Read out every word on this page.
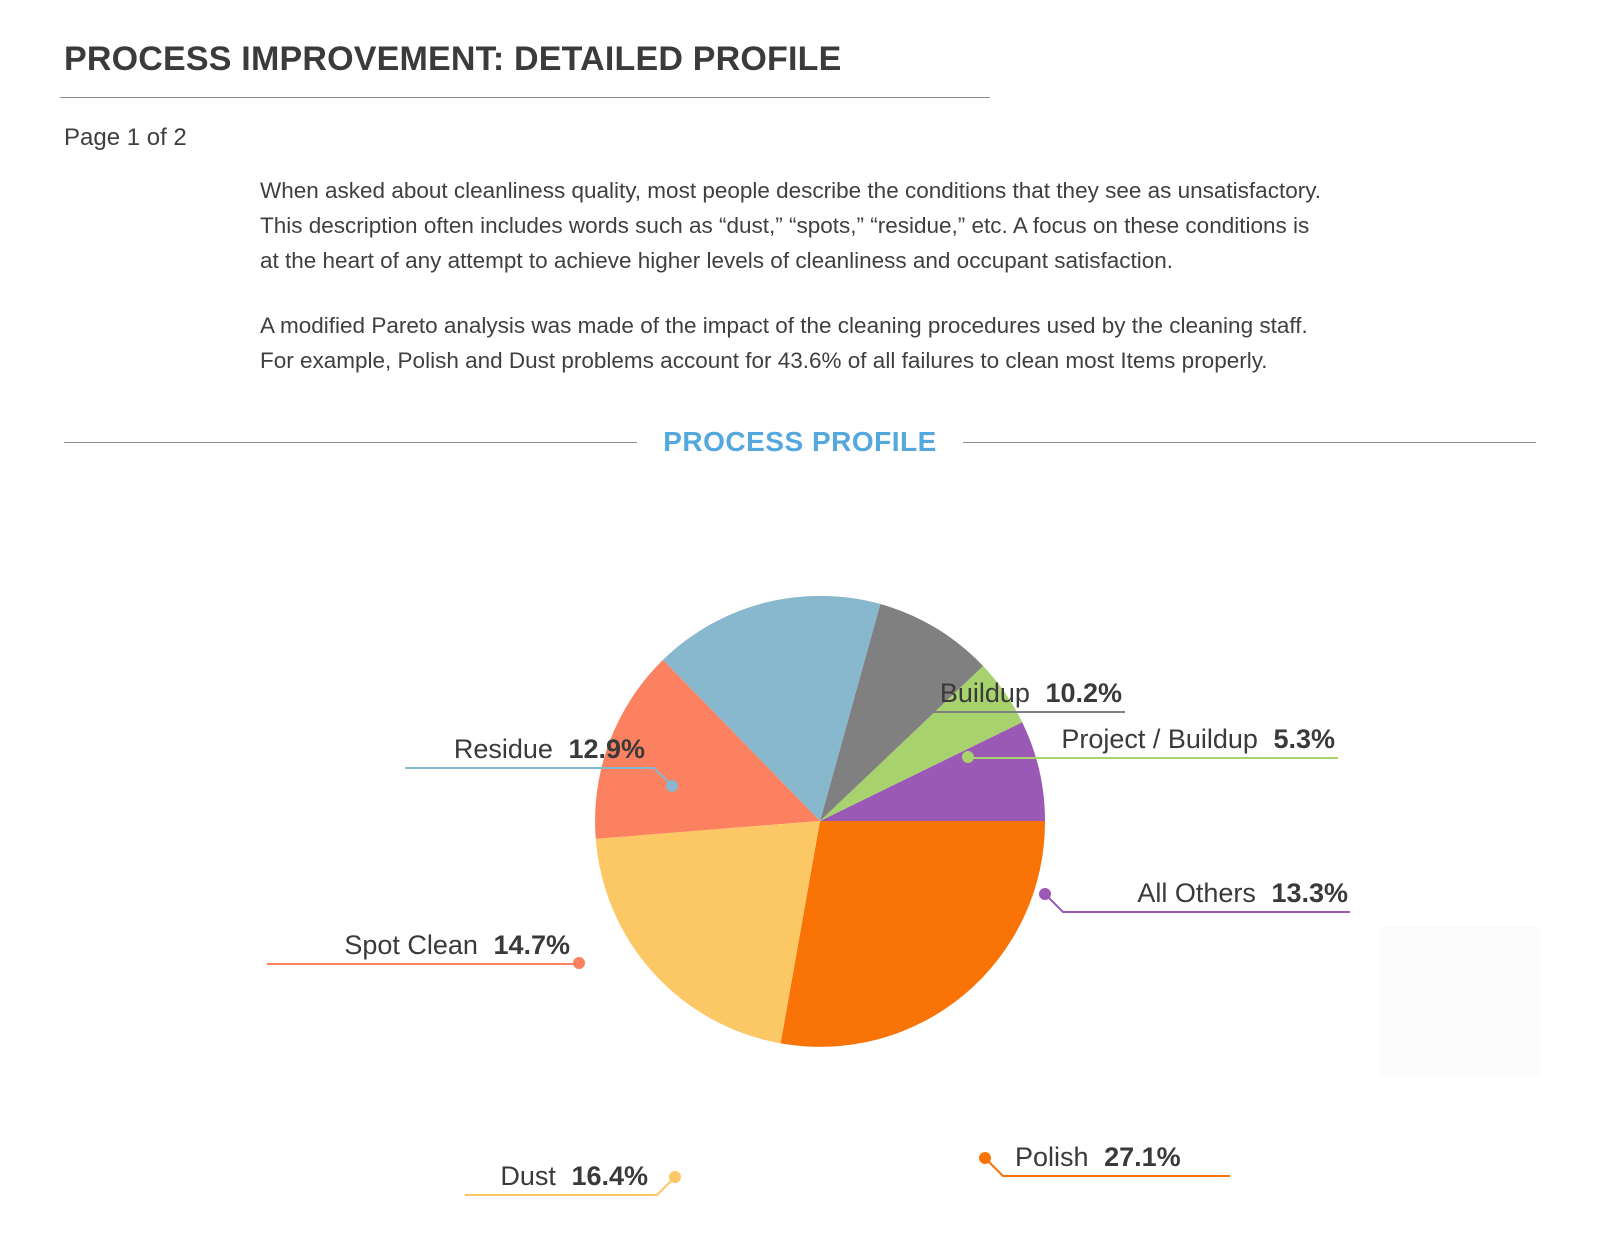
PROCESS IMPROVEMENT: DETAILED PROFILE
Page 1 of 2

When asked about cleanliness quality, most people describe the conditions that they see as unsatisfactory. This description often includes words such as “dust,” “spots,” “residue,” etc. A focus on these conditions is at the heart of any attempt to achieve higher levels of cleanliness and occupant satisfaction.

A modified Pareto analysis was made of the impact of the cleaning procedures used by the cleaning staff. For example, Polish and Dust problems account for 43.6% of all failures to clean most Items properly.

PROCESS PROFILE
Buildup 10.2%
Project / Buildup 5.3%
All Others 13.3%
Polish 27.1%
Dust 16.4%
Spot Clean 14.7%
Residue 12.9%
